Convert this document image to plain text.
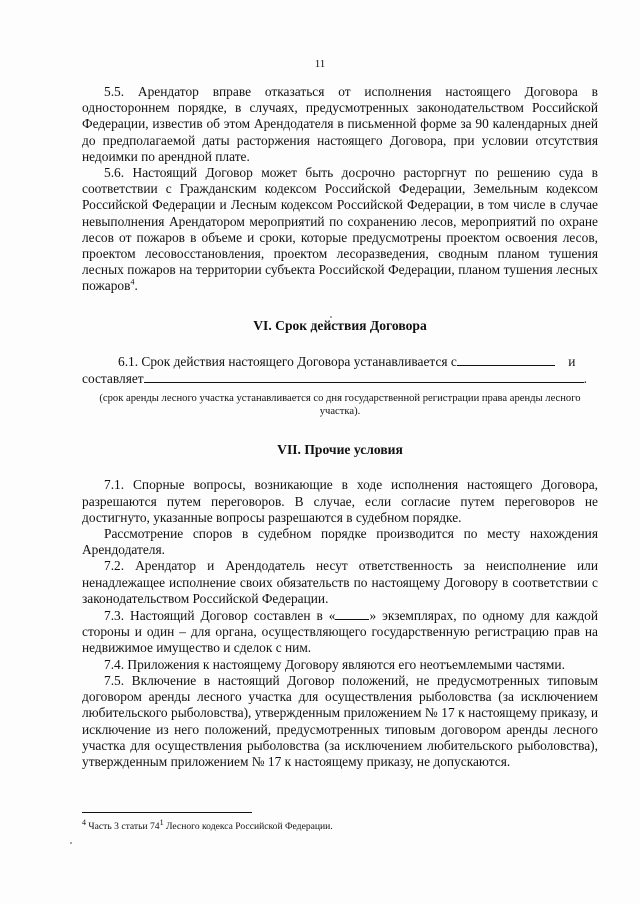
11

5.5. Арендатор вправе отказаться от исполнения настоящего Договора в одностороннем порядке, в случаях, предусмотренных законодательством Российской Федерации, известив об этом Арендодателя в письменной форме за 90 календарных дней до предполагаемой даты расторжения настоящего Договора, при условии отсутствия недоимки по арендной плате.

5.6. Настоящий Договор может быть досрочно расторгнут по решению суда в соответствии с Гражданским кодексом Российской Федерации, Земельным кодексом Российской Федерации и Лесным кодексом Российской Федерации, в том числе в случае невыполнения Арендатором мероприятий по сохранению лесов, мероприятий по охране лесов от пожаров в объеме и сроки, которые предусмотрены проектом освоения лесов, проектом лесовосстановления, проектом лесоразведения, сводным планом тушения лесных пожаров на территории субъекта Российской Федерации, планом тушения лесных пожаров$^4$.

VI. Срок действия Договора

6.1. Срок действия настоящего Договора устанавливается с	и

составляет	.

(срок аренды лесного участка устанавливается со дня государственной регистрации права аренды лесного участка).

VII. Прочие условия

7.1. Спорные вопросы, возникающие в ходе исполнения настоящего Договора, разрешаются путем переговоров. В случае, если согласие путем переговоров не достигнуто, указанные вопросы разрешаются в судебном порядке.

Рассмотрение споров в судебном порядке производится по месту нахождения Арендодателя.

7.2. Арендатор и Арендодатель несут ответственность за неисполнение или ненадлежащее исполнение своих обязательств по настоящему Договору в соответствии с законодательством Российской Федерации.

7.3. Настоящий Договор составлен в «	» экземплярах, по одному для каждой стороны и один – для органа, осуществляющего государственную регистрацию прав на недвижимое имущество и сделок с ним.

7.4. Приложения к настоящему Договору являются его неотъемлемыми частями.

7.5. Включение в настоящий Договор положений, не предусмотренных типовым договором аренды лесного участка для осуществления рыболовства (за исключением любительского рыболовства), утвержденным приложением № 17 к настоящему приказу, и исключение из него положений, предусмотренных типовым договором аренды лесного участка для осуществления рыболовства (за исключением любительского рыболовства), утвержденным приложением № 17 к настоящему приказу, не допускаются.

$^4$ Часть 3 статьи $74^1$ Лесного кодекса Российской Федерации.
